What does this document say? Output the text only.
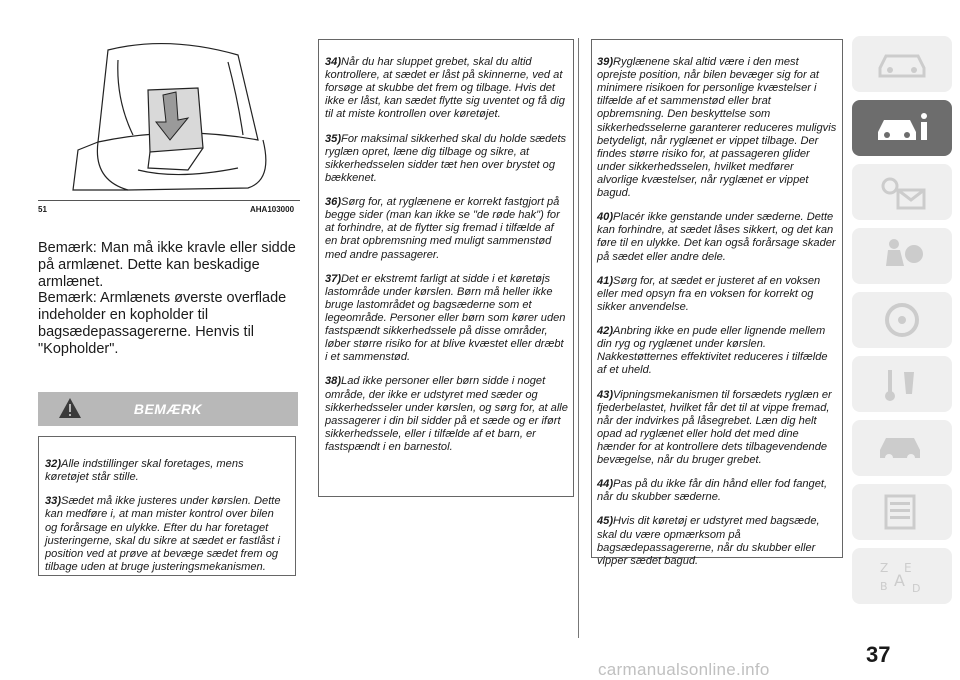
51	AHA103000

Bemærk: Man må ikke kravle eller sidde på armlænet. Dette kan beskadige armlænet.

Bemærk: Armlænets øverste overflade indeholder en kopholder til bagsædepassagererne. Henvis til "Kopholder".

BEMÆRK

32)Alle indstillinger skal foretages, mens køretøjet står stille.

33)Sædet må ikke justeres under kørslen. Dette kan medføre i, at man mister kontrol over bilen og forårsage en ulykke. Efter du har foretaget justeringerne, skal du sikre at sædet er fastlåst i position ved at prøve at bevæge sædet frem og tilbage uden at bruge justeringsmekanismen.

34)Når du har sluppet grebet, skal du altid kontrollere, at sædet er låst på skinnerne, ved at forsøge at skubbe det frem og tilbage. Hvis det ikke er låst, kan sædet flytte sig uventet og få dig til at miste kontrollen over køretøjet.

35)For maksimal sikkerhed skal du holde sædets ryglæn opret, læne dig tilbage og sikre, at sikkerhedsselen sidder tæt hen over brystet og bækkenet.

36)Sørg for, at ryglænene er korrekt fastgjort på begge sider (man kan ikke se "de røde hak") for at forhindre, at de flytter sig fremad i tilfælde af en brat opbremsning med muligt sammenstød med andre passagerer.

37)Det er ekstremt farligt at sidde i et køretøjs lastområde under kørslen. Børn må heller ikke bruge lastområdet og bagsæderne som et legeområde. Personer eller børn som kører uden fastspændt sikkerhedssele på disse områder, løber større risiko for at blive kvæstet eller dræbt i et sammenstød.

38)Lad ikke personer eller børn sidde i noget område, der ikke er udstyret med sæder og sikkerhedsseler under kørslen, og sørg for, at alle passagerer i din bil sidder på et sæde og er iført sikkerhedssele, eller i tilfælde af et barn, er fastspændt i en barnestol.

39)Ryglænene skal altid være i den mest oprejste position, når bilen bevæger sig for at minimere risikoen for personlige kvæstelser i tilfælde af et sammenstød eller brat opbremsning. Den beskyttelse som sikkerhedsselerne garanterer reduceres muligvis betydeligt, når ryglænet er vippet tilbage. Der findes større risiko for, at passageren glider under sikkerhedsselen, hvilket medfører alvorlige kvæstelser, når ryglænet er vippet bagud.

40)Placér ikke genstande under sæderne. Dette kan forhindre, at sædet låses sikkert, og det kan føre til en ulykke. Det kan også forårsage skader på sædet eller andre dele.

41)Sørg for, at sædet er justeret af en voksen eller med opsyn fra en voksen for korrekt og sikker anvendelse.

42)Anbring ikke en pude eller lignende mellem din ryg og ryglænet under kørslen. Nakkestøtternes effektivitet reduceres i tilfælde af et uheld.

43)Vipningsmekanismen til forsædets ryglæn er fjederbelastet, hvilket får det til at vippe fremad, når der indvirkes på låsegrebet. Læn dig helt opad ad ryglænet eller hold det med dine hænder for at kontrollere dets tilbagevendende bevægelse, når du bruger grebet.

44)Pas på du ikke får din hånd eller fod fanget, når du skubber sæderne.

45)Hvis dit køretøj er udstyret med bagsæde, skal du være opmærksom på bagsædepassagererne, når du skubber eller vipper sædet bagud.

Z E
A
B D
37
carmanualsonline.info
